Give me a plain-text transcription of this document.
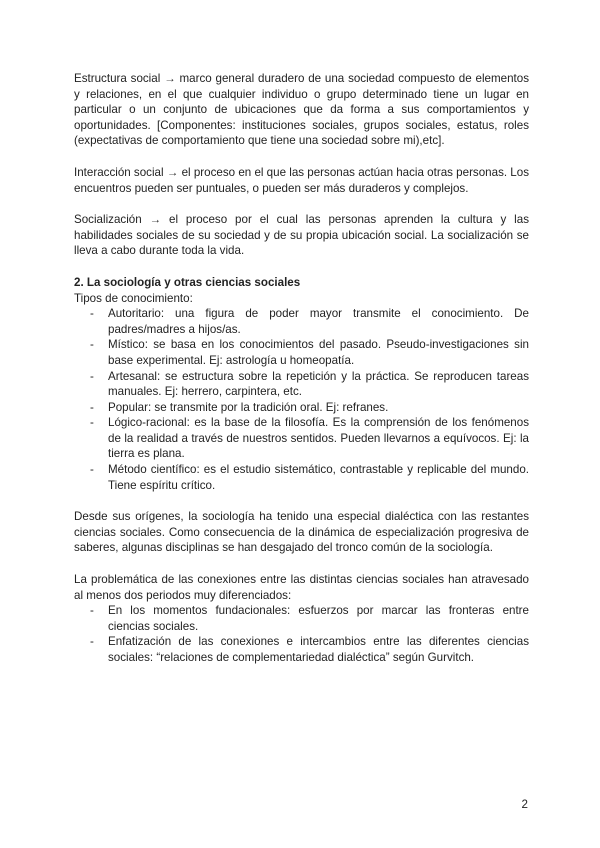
Estructura social → marco general duradero de una sociedad compuesto de elementos y relaciones, en el que cualquier individuo o grupo determinado tiene un lugar en particular o un conjunto de ubicaciones que da forma a sus comportamientos y oportunidades. [Componentes: instituciones sociales, grupos sociales, estatus, roles (expectativas de comportamiento que tiene una sociedad sobre mi),etc].

Interacción social → el proceso en el que las personas actúan hacia otras personas. Los encuentros pueden ser puntuales, o pueden ser más duraderos y complejos.

Socialización → el proceso por el cual las personas aprenden la cultura y las habilidades sociales de su sociedad y de su propia ubicación social. La socialización se lleva a cabo durante toda la vida.

2. La sociología y otras ciencias sociales

Tipos de conocimiento:

- Autoritario: una figura de poder mayor transmite el conocimiento. De padres/madres a hijos/as.
- Místico: se basa en los conocimientos del pasado. Pseudo-investigaciones sin base experimental. Ej: astrología u homeopatía.
- Artesanal: se estructura sobre la repetición y la práctica. Se reproducen tareas manuales. Ej: herrero, carpintera, etc.
- Popular: se transmite por la tradición oral. Ej: refranes.
- Lógico-racional: es la base de la filosofía. Es la comprensión de los fenómenos de la realidad a través de nuestros sentidos. Pueden llevarnos a equívocos. Ej: la tierra es plana.
- Método científico: es el estudio sistemático, contrastable y replicable del mundo. Tiene espíritu crítico.

Desde sus orígenes, la sociología ha tenido una especial dialéctica con las restantes ciencias sociales. Como consecuencia de la dinámica de especialización progresiva de saberes, algunas disciplinas se han desgajado del tronco común de la sociología.

La problemática de las conexiones entre las distintas ciencias sociales han atravesado al menos dos periodos muy diferenciados:

- En los momentos fundacionales: esfuerzos por marcar las fronteras entre ciencias sociales.
- Enfatización de las conexiones e intercambios entre las diferentes ciencias sociales: “relaciones de complementariedad dialéctica” según Gurvitch.
2
